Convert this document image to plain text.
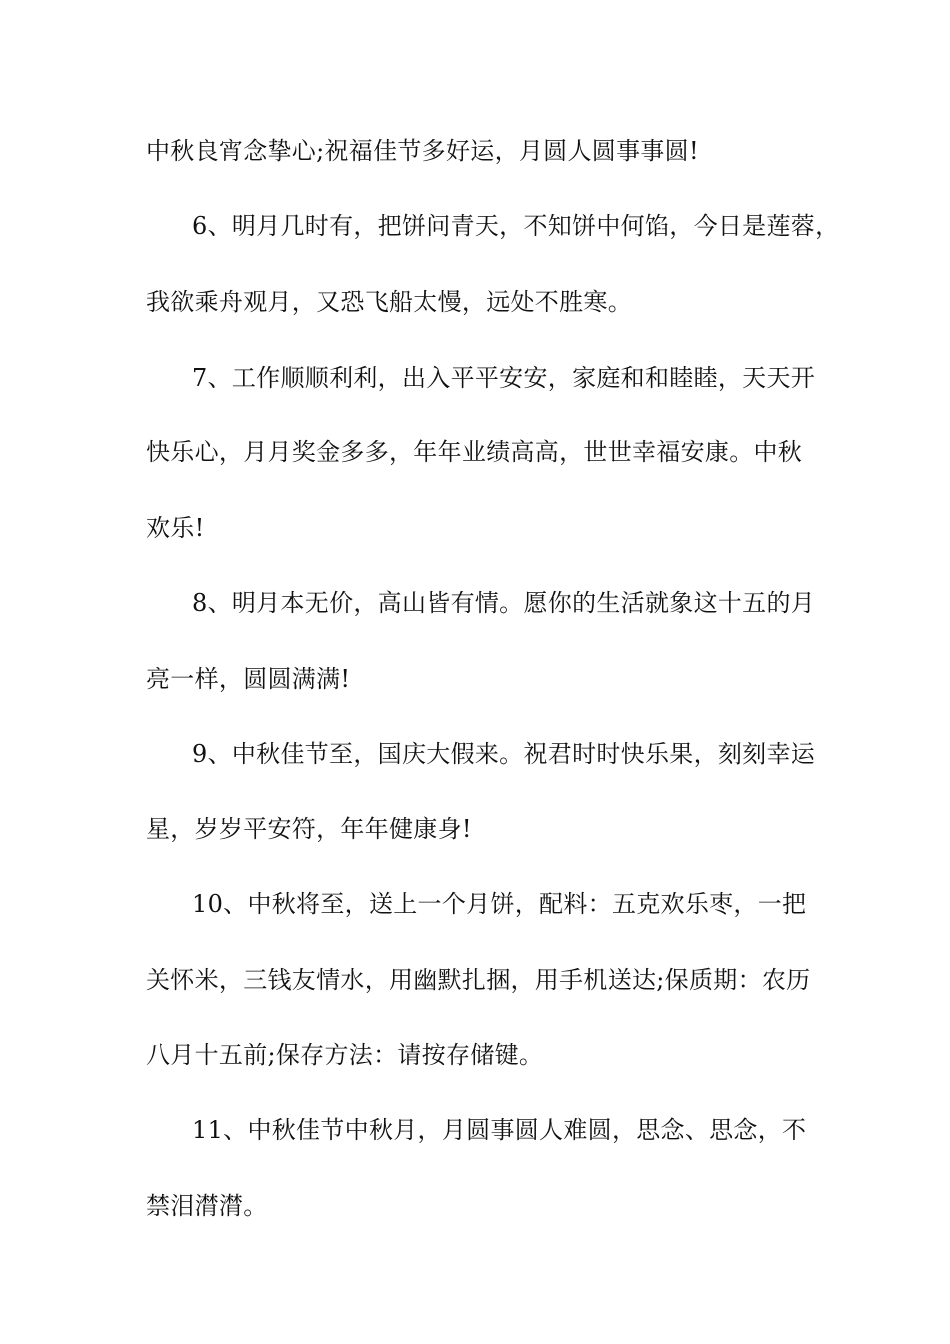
中秋良宵念挚心;祝福佳节多好运，月圆人圆事事圆!
6、明月几时有，把饼问青天，不知饼中何馅，今日是莲蓉，
我欲乘舟观月，又恐飞船太慢，远处不胜寒。
7、工作顺顺利利，出入平平安安，家庭和和睦睦，天天开
快乐心，月月奖金多多，年年业绩高高，世世幸福安康。中秋
欢乐!
8、明月本无价，高山皆有情。愿你的生活就象这十五的月
亮一样，圆圆满满!
9、中秋佳节至，国庆大假来。祝君时时快乐果，刻刻幸运
星，岁岁平安符，年年健康身!
10、中秋将至，送上一个月饼，配料：五克欢乐枣，一把
关怀米，三钱友情水，用幽默扎捆，用手机送达;保质期：农历
八月十五前;保存方法：请按存储键。
11、中秋佳节中秋月，月圆事圆人难圆，思念、思念，不
禁泪潸潸。
